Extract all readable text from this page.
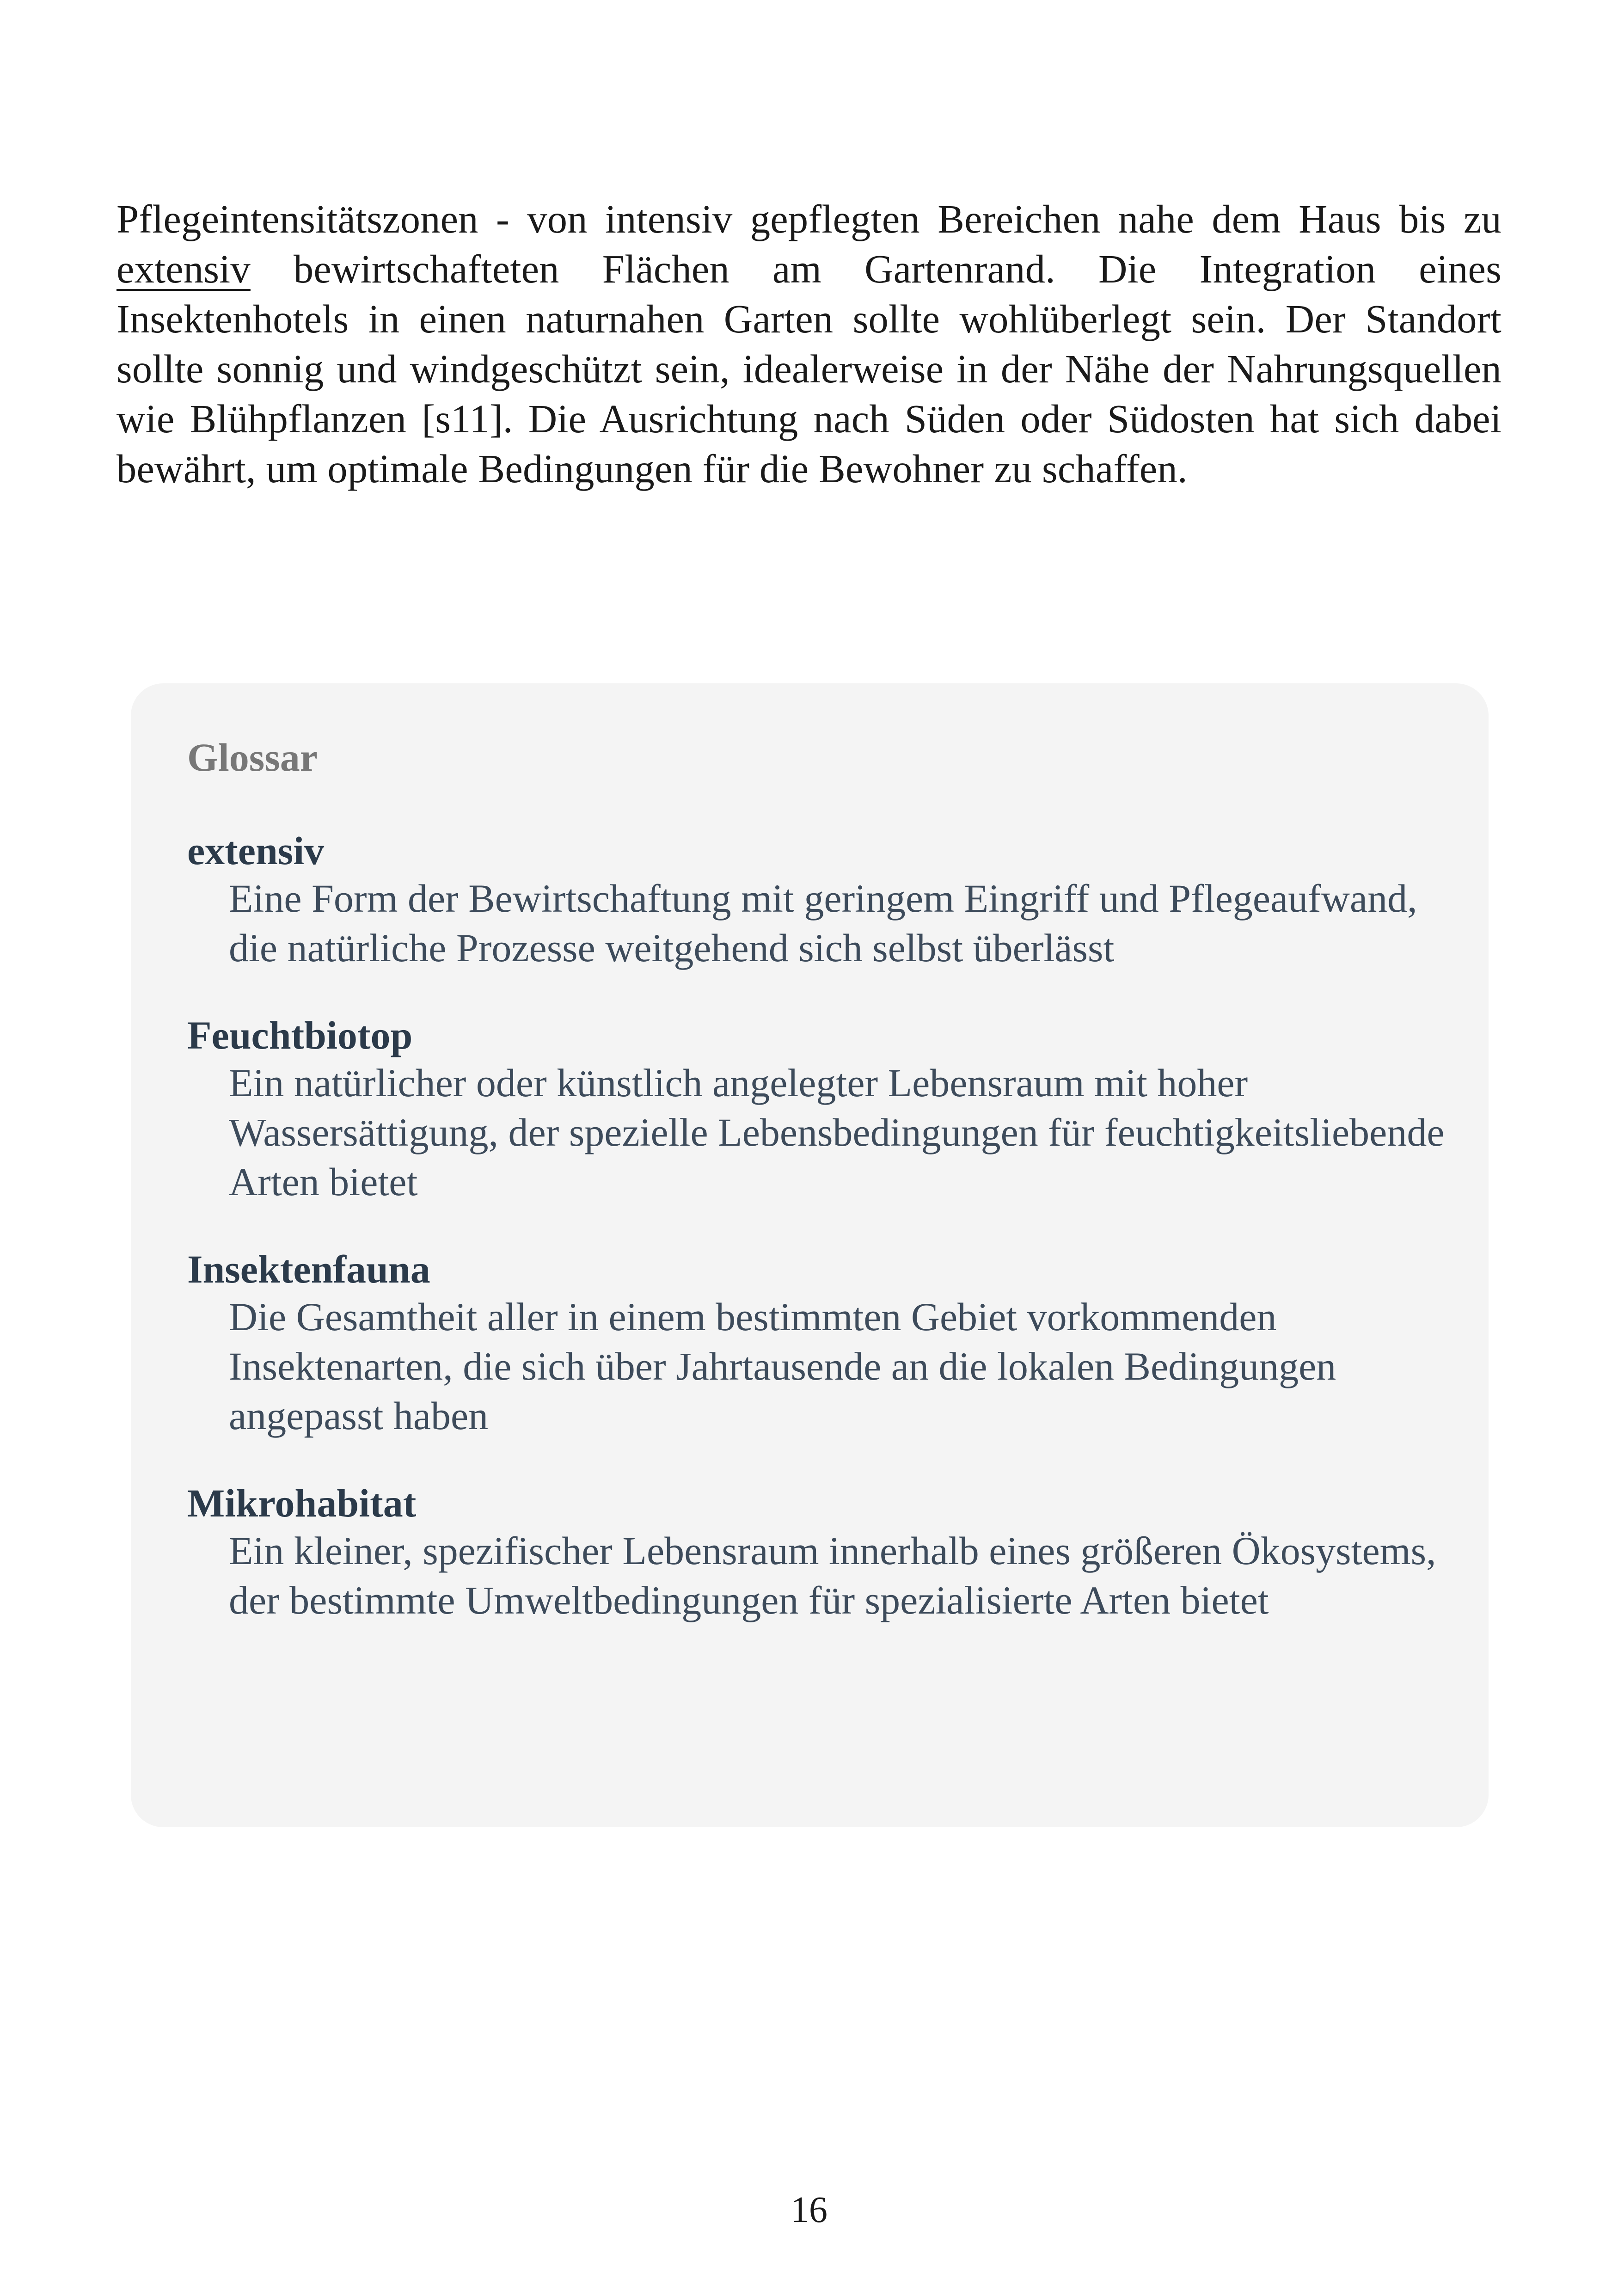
Pflegeintensitätszonen - von intensiv gepflegten Bereichen nahe dem Haus bis zu extensiv bewirtschafteten Flächen am Gartenrand. Die Integration eines Insektenhotels in einen naturnahen Garten sollte wohlüberlegt sein. Der Standort sollte sonnig und windgeschützt sein, idealerweise in der Nähe der Nahrungsquellen wie Blühpflanzen [s11]. Die Ausrichtung nach Süden oder Südosten hat sich dabei bewährt, um optimale Bedingungen für die Bewohner zu schaffen.

Glossar

extensiv

Eine Form der Bewirtschaftung mit geringem Eingriff und Pflegeaufwand, die natürliche Prozesse weitgehend sich selbst überlässt

Feuchtbiotop

Ein natürlicher oder künstlich angelegter Lebensraum mit hoher Wassersättigung, der spezielle Lebensbedingungen für feuchtigkeitsliebende Arten bietet

Insektenfauna

Die Gesamtheit aller in einem bestimmten Gebiet vorkommenden Insektenarten, die sich über Jahrtausende an die lokalen Bedingungen angepasst haben

Mikrohabitat

Ein kleiner, spezifischer Lebensraum innerhalb eines größeren Ökosystems, der bestimmte Umweltbedingungen für spezialisierte Arten bietet

16
